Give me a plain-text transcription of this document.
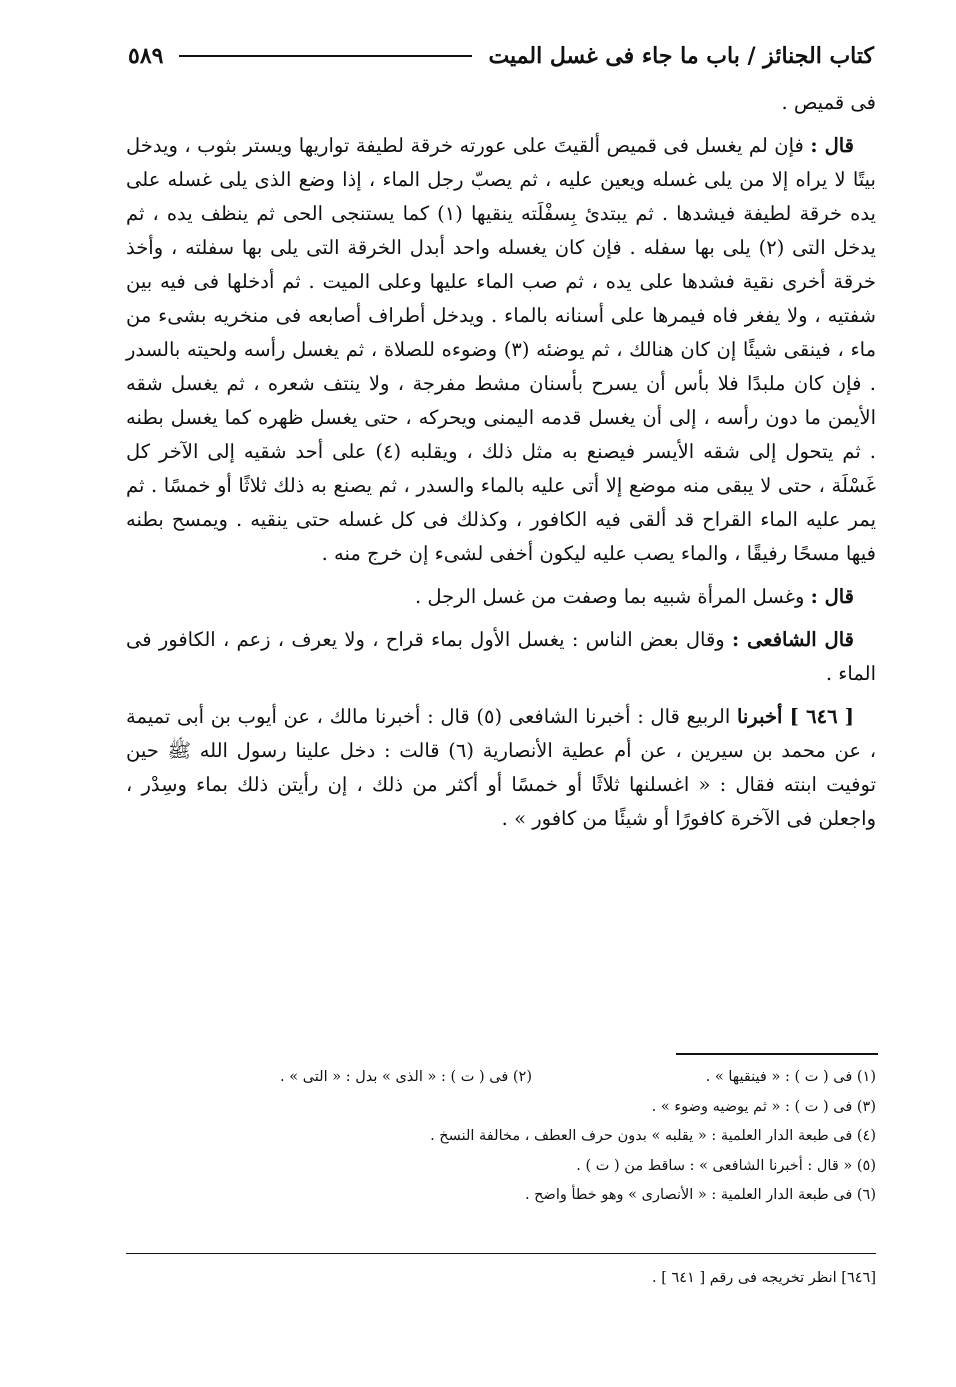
كتاب الجنائز / باب ما جاء فى غسل الميت
٥٨٩

فى قميص .

قال : فإن لم يغسل فى قميص ألقيتَ على عورته خرقة لطيفة تواريها ويستر بثوب ، ويدخل بيتًا لا يراه إلا من يلى غسله ويعين عليه ، ثم يصبّ رجل الماء ، إذا وضع الذى يلى غسله على يده خرقة لطيفة فيشدها . ثم يبتدئ بِسفْلَته ينقيها (١) كما يستنجى الحى ثم ينظف يده ، ثم يدخل التى (٢) يلى بها سفله . فإن كان يغسله واحد أبدل الخرقة التى يلى بها سفلته ، وأخذ خرقة أخرى نقية فشدها على يده ، ثم صب الماء عليها وعلى الميت . ثم أدخلها فى فيه بين شفتيه ، ولا يفغر فاه فيمرها على أسنانه بالماء . ويدخل أطراف أصابعه فى منخريه بشىء من ماء ، فينقى شيئًا إن كان هنالك ، ثم يوضئه (٣) وضوءه للصلاة ، ثم يغسل رأسه ولحيته بالسدر . فإن كان ملبدًا فلا بأس أن يسرح بأسنان مشط مفرجة ، ولا ينتف شعره ، ثم يغسل شقه الأيمن ما دون رأسه ، إلى أن يغسل قدمه اليمنى ويحركه ، حتى يغسل ظهره كما يغسل بطنه . ثم يتحول إلى شقه الأيسر فيصنع به مثل ذلك ، ويقلبه (٤) على أحد شقيه إلى الآخر كل غَسْلَة ، حتى لا يبقى منه موضع إلا أتى عليه بالماء والسدر ، ثم يصنع به ذلك ثلاثًا أو خمسًا . ثم يمر عليه الماء القراح قد ألقى فيه الكافور ، وكذلك فى كل غسله حتى ينقيه . ويمسح بطنه فيها مسحًا رفيقًا ، والماء يصب عليه ليكون أخفى لشىء إن خرج منه .

قال : وغسل المرأة شبيه بما وصفت من غسل الرجل .

قال الشافعى : وقال بعض الناس : يغسل الأول بماء قراح ، ولا يعرف ، زعم ، الكافور فى الماء .

[ ٦٤٦ ] أخبرنا الربيع قال : أخبرنا الشافعى (٥) قال : أخبرنا مالك ، عن أيوب بن أبى تميمة ، عن محمد بن سيرين ، عن أم عطية الأنصارية (٦) قالت : دخل علينا رسول الله ﷺ حين توفيت ابنته فقال : « اغسلنها ثلاثًا أو خمسًا أو أكثر من ذلك ، إن رأيتن ذلك بماء وسِدْر ، واجعلن فى الآخرة كافورًا أو شيئًا من كافور » .

(١) فى ( ت ) : « فينقيها » .
(٢) فى ( ت ) : « الذى » بدل : « التى » .
(٣) فى ( ت ) : « ثم يوضيه وضوء » .
(٤) فى طبعة الدار العلمية : « يقلبه » بدون حرف العطف ، مخالفة النسخ .
(٥) « قال : أخبرنا الشافعى » : ساقط من ( ت ) .
(٦) فى طبعة الدار العلمية : « الأنصارى » وهو خطأ واضح .
[٦٤٦] انظر تخريجه فى رقم [ ٦٤١ ] .
